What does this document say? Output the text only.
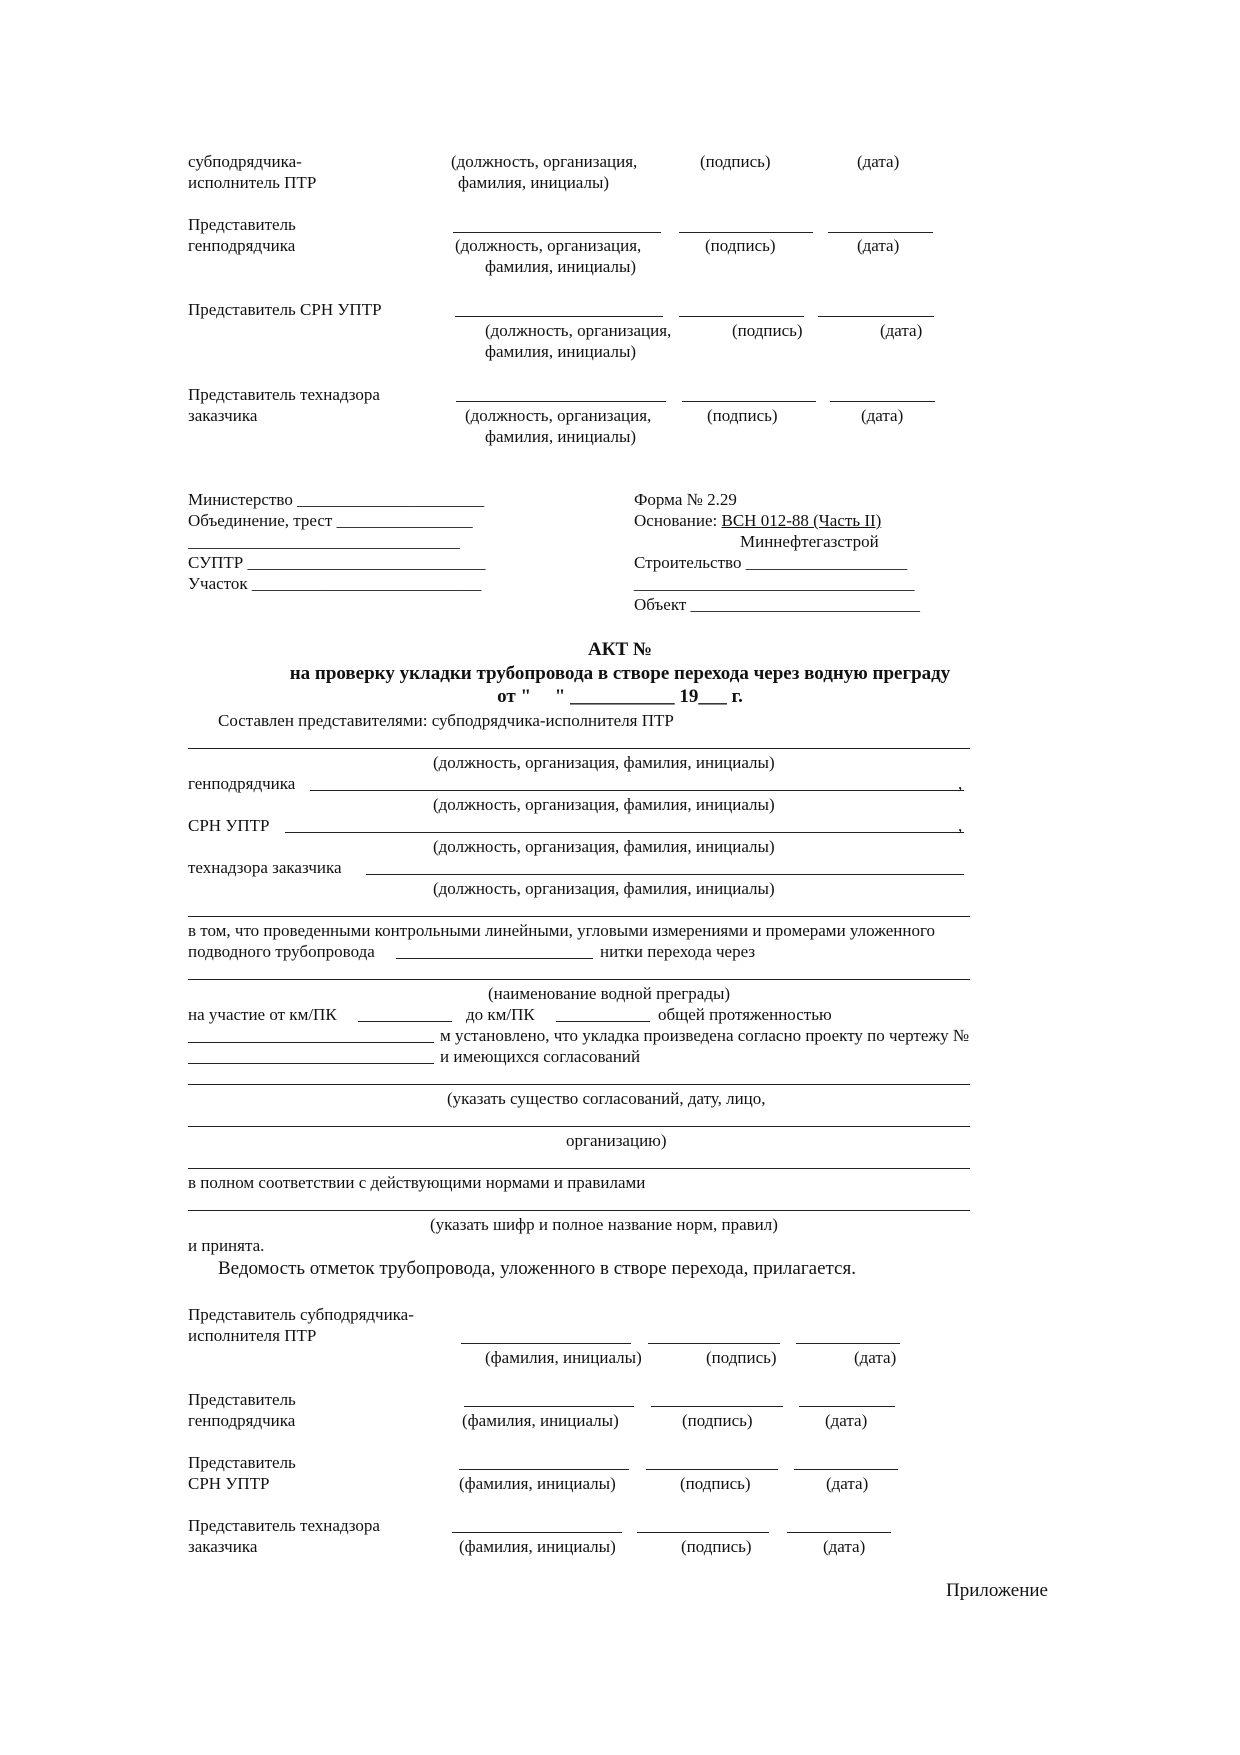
субподрядчика-
исполнитель ПТР
(должность, организация,
фамилия, инициалы)
(подпись)	(дата)
Представитель
генподрядчика	(должность, организация,
фамилия, инициалы)
(подпись)	(дата)
Представитель СРН УПТР
(должность, организация,
фамилия, инициалы)
(подпись)	(дата)
Представитель технадзора
заказчика	(должность, организация,
фамилия, инициалы)
(подпись)	(дата)
Министерство ______________________
Объединение, трест ________________
________________________________
СУПТР ____________________________
Участок ___________________________
Форма № 2.29
Основание: ВСН 012-88 (Часть II)
Миннефтегазстрой
Строительство ___________________
_________________________________
Объект ___________________________
АКТ №
на проверку укладки трубопровода в створе перехода через водную преграду
от "     " ___________ 19___ г.
Составлен представителями: субподрядчика-исполнителя ПТР
(должность, организация, фамилия, инициалы)
генподрядчика	,
(должность, организация, фамилия, инициалы)
СРН УПТР	,
(должность, организация, фамилия, инициалы)
технадзора заказчика
(должность, организация, фамилия, инициалы)
в том, что проведенными контрольными линейными, угловыми измерениями и промерами уложенного
подводного трубопровода	нитки перехода через
(наименование водной преграды)
на участие от км/ПК	до км/ПК	общей протяженностью
м установлено, что укладка произведена согласно проекту по чертежу №
и имеющихся согласований
(указать существо согласований, дату, лицо,
организацию)
в полном соответствии с действующими нормами и правилами
(указать шифр и полное название норм, правил)
и принята.
Ведомость отметок трубопровода, уложенного в створе перехода, прилагается.
Представитель субподрядчика-
исполнителя ПТР
(фамилия, инициалы)	(подпись)	(дата)
Представитель
генподрядчика	(фамилия, инициалы)	(подпись)	(дата)
Представитель
СРН УПТР	(фамилия, инициалы)	(подпись)	(дата)
Представитель технадзора
заказчика	(фамилия, инициалы)	(подпись)	(дата)
Приложение
